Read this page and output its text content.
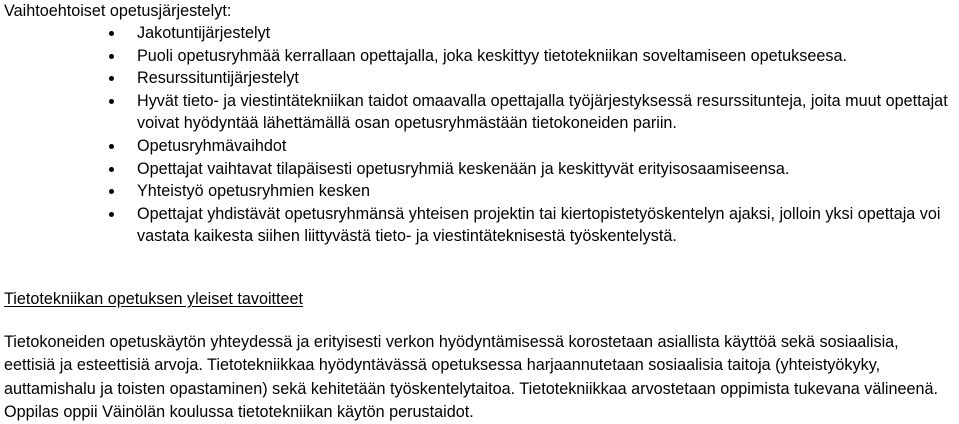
Vaihtoehtoiset opetusjärjestelyt:
Jakotuntijärjestelyt
Puoli opetusryhmää kerrallaan opettajalla, joka keskittyy tietotekniikan soveltamiseen opetukseesa.
Resurssituntijärjestelyt
Hyvät tieto- ja viestintätekniikan taidot omaavalla opettajalla työjärjestyksessä resurssitunteja, joita muut opettajat voivat hyödyntää lähettämällä osan opetusryhmästään tietokoneiden pariin.
Opetusryhmävaihdot
Opettajat vaihtavat tilapäisesti opetusryhmiä keskenään ja keskittyvät erityisosaamiseensa.
Yhteistyö opetusryhmien kesken
Opettajat yhdistävät opetusryhmänsä yhteisen projektin tai kiertopistetyöskentelyn ajaksi, jolloin yksi opettaja voi vastata kaikesta siihen liittyvästä tieto- ja viestintäteknisestä työskentelystä.
Tietotekniikan opetuksen yleiset tavoitteet
Tietokoneiden opetuskäytön yhteydessä ja erityisesti verkon hyödyntämisessä korostetaan asiallista käyttöä sekä sosiaalisia, eettisiä ja esteettisiä arvoja. Tietotekniikkaa hyödyntävässä opetuksessa harjaannutetaan sosiaalisia taitoja (yhteistyökyky, auttamishalu ja toisten opastaminen) sekä kehitetään työskentelytaitoa. Tietotekniikkaa arvostetaan oppimista tukevana välineenä. Oppilas oppii Väinölän koulussa tietotekniikan käytön perustaidot.
